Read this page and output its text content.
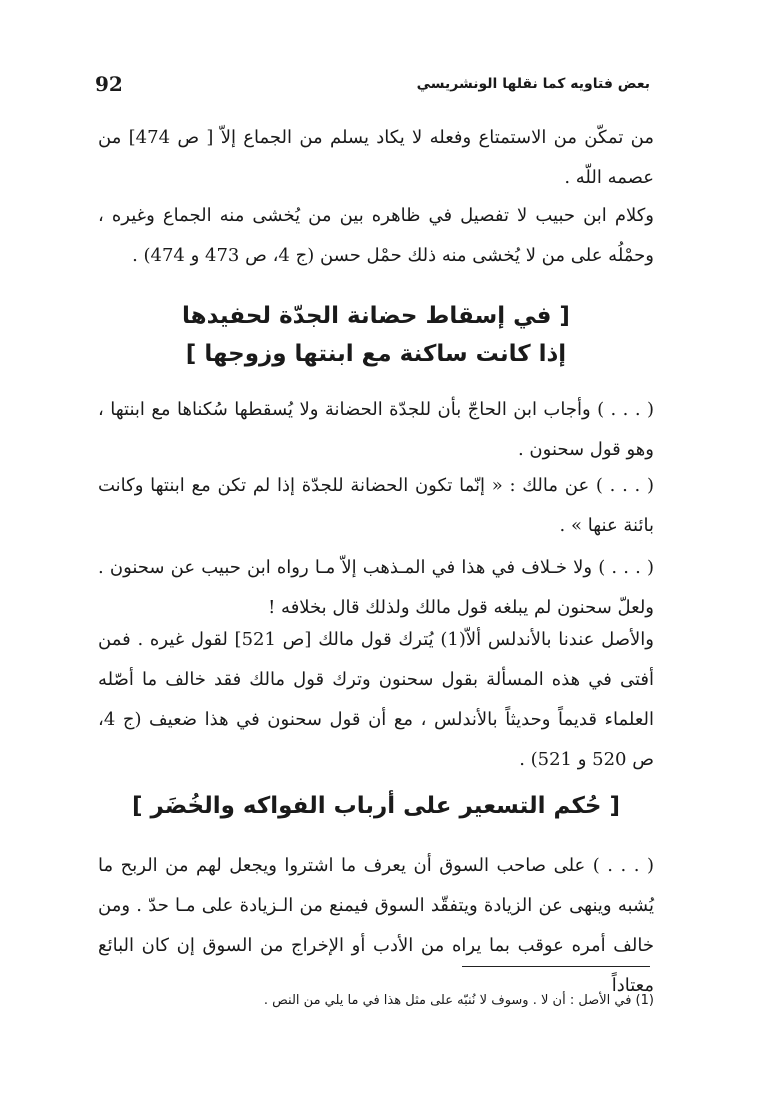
92	بعض فتاويه كما نقلها الونشريسي

من تمكّن من الاستمتاع وفعله لا يكاد يسلم من الجماع إلاّ [ ص 474] من عصمه اللّه .

وكلام ابن حبيب لا تفصيل في ظاهره بين من يُخشى منه الجماع وغيره ، وحمْلُه على من لا يُخشى منه ذلك حمْل حسن (ج 4، ص 473 و 474) .

[ في إسقاط حضانة الجدّة لحفيدها

إذا كانت ساكنة مع ابنتها وزوجها ]

( . . . ) وأجاب ابن الحاجّ بأن للجدّة الحضانة ولا يُسقطها سُكناها مع ابنتها ، وهو قول سحنون .

( . . . ) عن مالك : « إنّما تكون الحضانة للجدّة إذا لم تكن مع ابنتها وكانت بائنة عنها » .

( . . . ) ولا خـلاف في هذا في المـذهب إلاّ مـا رواه ابن حبيب عن سحنون . ولعلّ سحنون لم يبلغه قول مالك ولذلك قال بخلافه !

والأصل عندنا بالأندلس ألاّ(1) يُترك قول مالك [ص 521] لقول غيره . فمن أفتى في هذه المسألة بقول سحنون وترك قول مالك فقد خالف ما أصّله العلماء قديماً وحديثاً بالأندلس ، مع أن قول سحنون في هذا ضعيف (ج 4، ص 520 و 521) .

[ حُكم التسعير على أرباب الفواكه والخُضَر ]

( . . . ) على صاحب السوق أن يعرف ما اشتروا ويجعل لهم من الربح ما يُشبه وينهى عن الزيادة ويتفقّد السوق فيمنع من الـزيادة على مـا حدّ . ومن خالف أمره عوقب بما يراه من الأدب أو الإخراج من السوق إن كان البائع معتاداً

(1) في الأصل : أن لا . وسوف لا نُنبّه على مثل هذا في ما يلي من النص .
